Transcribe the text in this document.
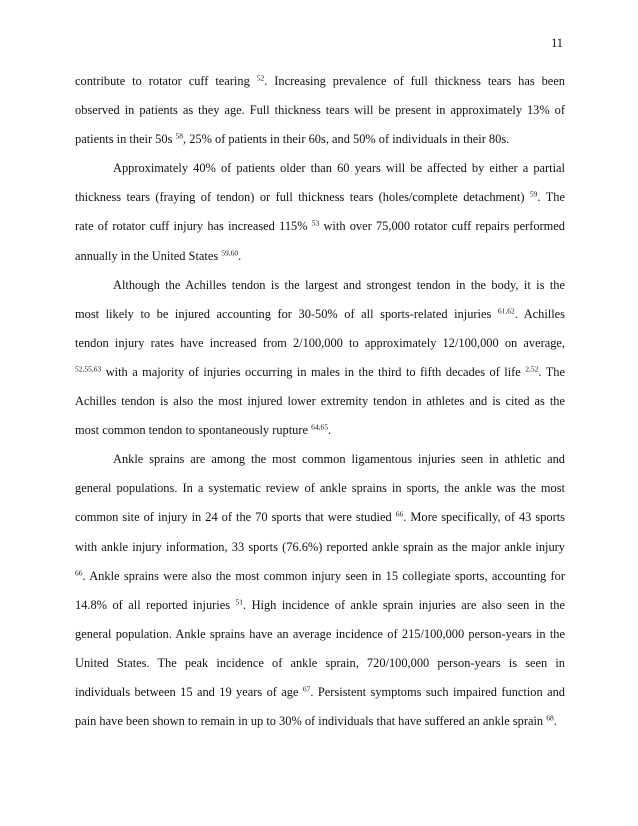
11
contribute to rotator cuff tearing $^{52}$. Increasing prevalence of full thickness tears has been
observed in patients as they age. Full thickness tears will be present in approximately 13% of
patients in their 50s $^{58}$, 25% of patients in their 60s, and 50% of individuals in their 80s.
Approximately 40% of patients older than 60 years will be affected by either a partial
thickness tears (fraying of tendon) or full thickness tears (holes/complete detachment) $^{59}$. The
rate of rotator cuff injury has increased 115% $^{53}$ with over 75,000 rotator cuff repairs performed
annually in the United States $^{59,60}$.
Although the Achilles tendon is the largest and strongest tendon in the body, it is the
most likely to be injured accounting for 30-50% of all sports-related injuries $^{61,62}$. Achilles
tendon injury rates have increased from 2/100,000 to approximately 12/100,000 on average,
$^{52,55,63}$ with a majority of injuries occurring in males in the third to fifth decades of life $^{2,52}$. The
Achilles tendon is also the most injured lower extremity tendon in athletes and is cited as the
most common tendon to spontaneously rupture $^{64,65}$.
Ankle sprains are among the most common ligamentous injuries seen in athletic and
general populations. In a systematic review of ankle sprains in sports, the ankle was the most
common site of injury in 24 of the 70 sports that were studied $^{66}$. More specifically, of 43 sports
with ankle injury information, 33 sports (76.6%) reported ankle sprain as the major ankle injury
$^{66}$. Ankle sprains were also the most common injury seen in 15 collegiate sports, accounting for
14.8% of all reported injuries $^{51}$. High incidence of ankle sprain injuries are also seen in the
general population. Ankle sprains have an average incidence of 215/100,000 person-years in the
United States. The peak incidence of ankle sprain, 720/100,000 person-years is seen in
individuals between 15 and 19 years of age $^{67}$. Persistent symptoms such impaired function and
pain have been shown to remain in up to 30% of individuals that have suffered an ankle sprain $^{68}$.
